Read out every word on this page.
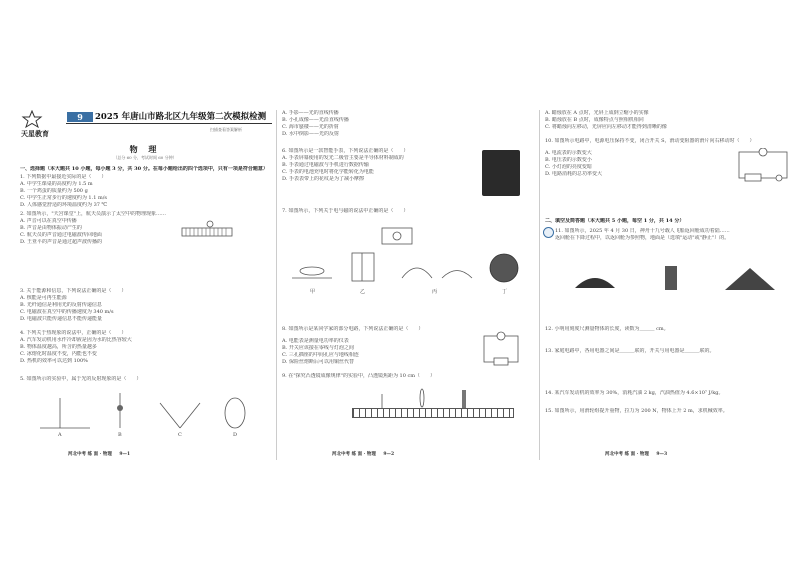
天星教育
9	2025 年唐山市路北区九年级第二次模拟检测
扫描查看答案解析
物 理
（总分 60 分，考试时间 60 分钟）
一、选择题（本大题共 10 小题，每小题 3 分，共 30 分。在每小题给出的四个选项中，只有一项是符合题意）
1. 下列数据中最接近实际的是（　　）
A. 中学生课桌的高度约为 1.5 m
B. 一个鸡蛋的质量约为 500 g
C. 中学生正常步行的速度约为 1.1 m/s
D. 人体感觉舒适的环境温度约为 37 ℃
2. 如图所示，"天宫课堂"上，航天员演示了太空中的物理现象……
A. 声音可以在真空中传播
B. 声音是由物体振动产生的
C. 航天员的声音通过电磁波传回地面
D. 王亚平的声音是通过超声波传播的
3. 关于能源和信息，下列说法正确的是（　　）
A. 核能是可再生能源
B. 光纤通信是利用光的反射传递信息
C. 电磁波在真空中的传播速度为 340 m/s
D. 电磁波只能传递信息不能传递能量
4. 下列关于热现象的说法中，正确的是（　　）
A. 汽车发动机用水作冷却液是因为水的比热容较大
B. 物体温度越高，所含的热量越多
C. 冰熔化时温度不变，内能也不变
D. 热机的效率可以达到 100%
5. 如图所示的实验中，属于光的反射现象的是（　　）
A	B	C	D
河北中考 练 面 · 物理 9—1
A. 手影——光的直线传播
B. 小孔成像——光沿直线传播
C. 海市蜃楼——光的折射
D. 水中倒影——光的反射
6. 如图所示是一款智能手表，下列说法正确的是（　　）
A. 手表屏幕使用的发光二极管主要是半导体材料制成的
B. 手表通过电磁波与手机进行数据传输
C. 手表的电池充电时将化学能转化为电能
D. 手表表带上的花纹是为了减小摩擦
7. 如图所示，下列关于电与磁的说法中正确的是（　　）
甲	乙	丙	丁
8. 如图所示是某同学家的部分电路，下列说法正确的是（　　）
A. 电能表是测量电功率的仪表
B. 开关应该接在零线与灯泡之间
C. 三孔插座的中间孔应与地线相连
D. 保险丝熔断后可以用铜丝代替
9. 在"探究凸透镜成像规律"的实验中，凸透镜焦距为 10 cm（　　）
河北中考 练 面 · 物理 9—2
A. 蜡烛放在 A 点时，光屏上成倒立缩小的实像
B. 蜡烛放在 B 点时，成像特点与照相机相同
C. 将蜡烛向左移动，光屏应向左移动才能得到清晰的像
10. 如图所示电路中，电源电压保持不变，闭合开关 S，滑动变阻器的滑片向右移动时（　　）
A. 电流表的示数变大
B. 电压表的示数变小
C. 小灯泡的亮度变暗
D. 电路消耗的总功率变大
二、填空及简答题（本大题共 5 小题，每空 1 分，共 14 分）
11. 如图所示，2025 年 4 月 30 日，神舟十九号载人飞船返回舱成功着陆……
返回舱在下降过程中，以返回舱为参照物，地面是（选填"运动"或"静止"）的。
12. 小明用刻度尺测量物体的长度，读数为＿＿＿ cm。
13. 家庭电路中，各用电器之间是＿＿＿联的，开关与用电器是＿＿＿联的。
14. 某汽车发动机的效率为 30%，消耗汽油 2 kg，汽油热值为 4.6×10⁷ J/kg。
15. 如图所示，用滑轮组提升重物，拉力为 200 N，物体上升 2 m，求机械效率。
河北中考 练 面 · 物理 9—3
